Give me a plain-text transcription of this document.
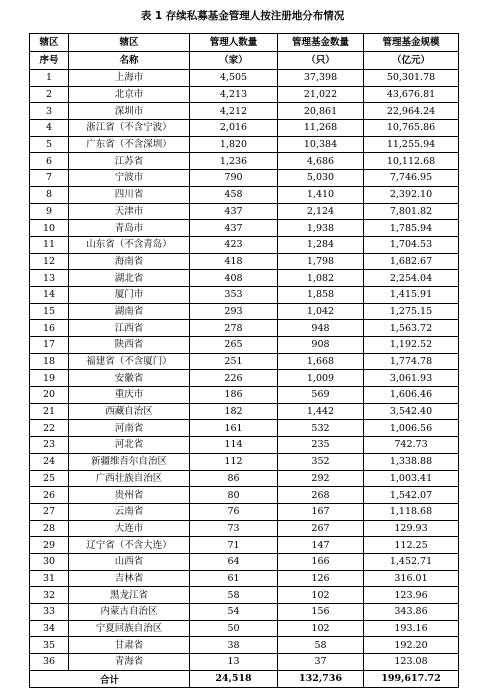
表 1 存续私募基金管理人按注册地分布情况
辖区	辖区	管理人数量	管理基金数量	管理基金规模
序号	名称	（家）	（只）	（亿元）
1	上海市	4,505	37,398	50,301.78
2	北京市	4,213	21,022	43,676.81
3	深圳市	4,212	20,861	22,964.24
4	浙江省（不含宁波）	2,016	11,268	10,765.86
5	广东省（不含深圳）	1,820	10,384	11,255.94
6	江苏省	1,236	4,686	10,112.68
7	宁波市	790	5,030	7,746.95
8	四川省	458	1,410	2,392.10
9	天津市	437	2,124	7,801.82
10	青岛市	437	1,938	1,785.94
11	山东省（不含青岛）	423	1,284	1,704.53
12	海南省	418	1,798	1,682.67
13	湖北省	408	1,082	2,254.04
14	厦门市	353	1,858	1,415.91
15	湖南省	293	1,042	1,275.15
16	江西省	278	948	1,563.72
17	陕西省	265	908	1,192.52
18	福建省（不含厦门）	251	1,668	1,774.78
19	安徽省	226	1,009	3,061.93
20	重庆市	186	569	1,606.46
21	西藏自治区	182	1,442	3,542.40
22	河南省	161	532	1,006.56
23	河北省	114	235	742.73
24	新疆维吾尔自治区	112	352	1,338.88
25	广西壮族自治区	86	292	1,003.41
26	贵州省	80	268	1,542.07
27	云南省	76	167	1,118.68
28	大连市	73	267	129.93
29	辽宁省（不含大连）	71	147	112.25
30	山西省	64	166	1,452.71
31	吉林省	61	126	316.01
32	黑龙江省	58	102	123.96
33	内蒙古自治区	54	156	343.86
34	宁夏回族自治区	50	102	193.16
35	甘肃省	38	58	192.20
36	青海省	13	37	123.08
合计		24,518	132,736	199,617.72
